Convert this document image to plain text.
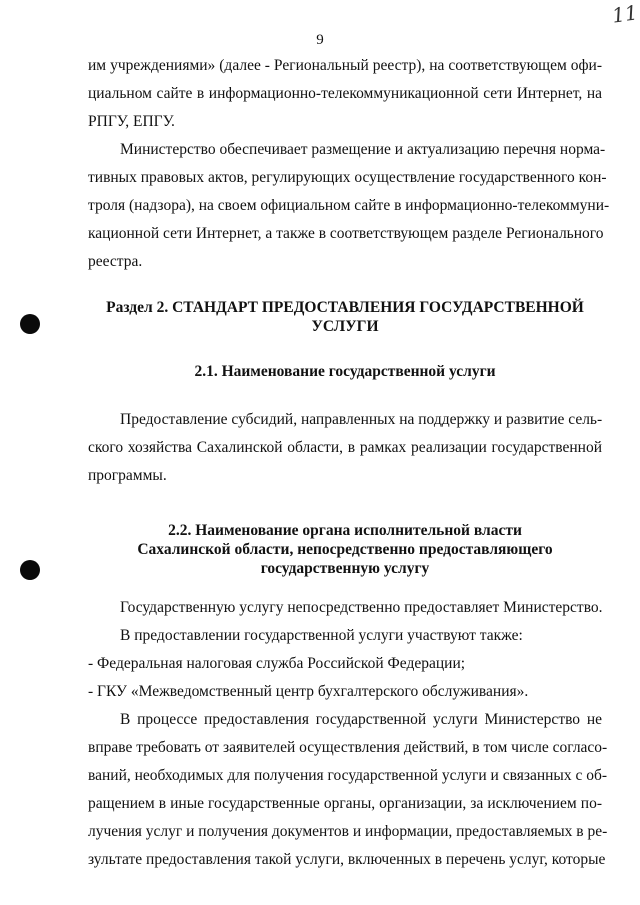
11
9
им учреждениями» (далее - Региональный реестр), на соответствующем офи-
циальном сайте в информационно-телекоммуникационной сети Интернет, на
РПГУ, ЕПГУ.
Министерство обеспечивает размещение и актуализацию перечня норма-
тивных правовых актов, регулирующих осуществление государственного кон-
троля (надзора), на своем официальном сайте в информационно-телекоммуни-
кационной сети Интернет, а также в соответствующем разделе Регионального
реестра.
Раздел 2. СТАНДАРТ ПРЕДОСТАВЛЕНИЯ ГОСУДАРСТВЕННОЙ
УСЛУГИ
2.1. Наименование государственной услуги
Предоставление субсидий, направленных на поддержку и развитие сель-
ского хозяйства Сахалинской области, в рамках реализации государственной
программы.
2.2. Наименование органа исполнительной власти
Сахалинской области, непосредственно предоставляющего
государственную услугу
Государственную услугу непосредственно предоставляет Министерство.
В предоставлении государственной услуги участвуют также:
- Федеральная налоговая служба Российской Федерации;
- ГКУ «Межведомственный центр бухгалтерского обслуживания».
В процессе предоставления государственной услуги Министерство не
вправе требовать от заявителей осуществления действий, в том числе согласо-
ваний, необходимых для получения государственной услуги и связанных с об-
ращением в иные государственные органы, организации, за исключением по-
лучения услуг и получения документов и информации, предоставляемых в ре-
зультате предоставления такой услуги, включенных в перечень услуг, которые
